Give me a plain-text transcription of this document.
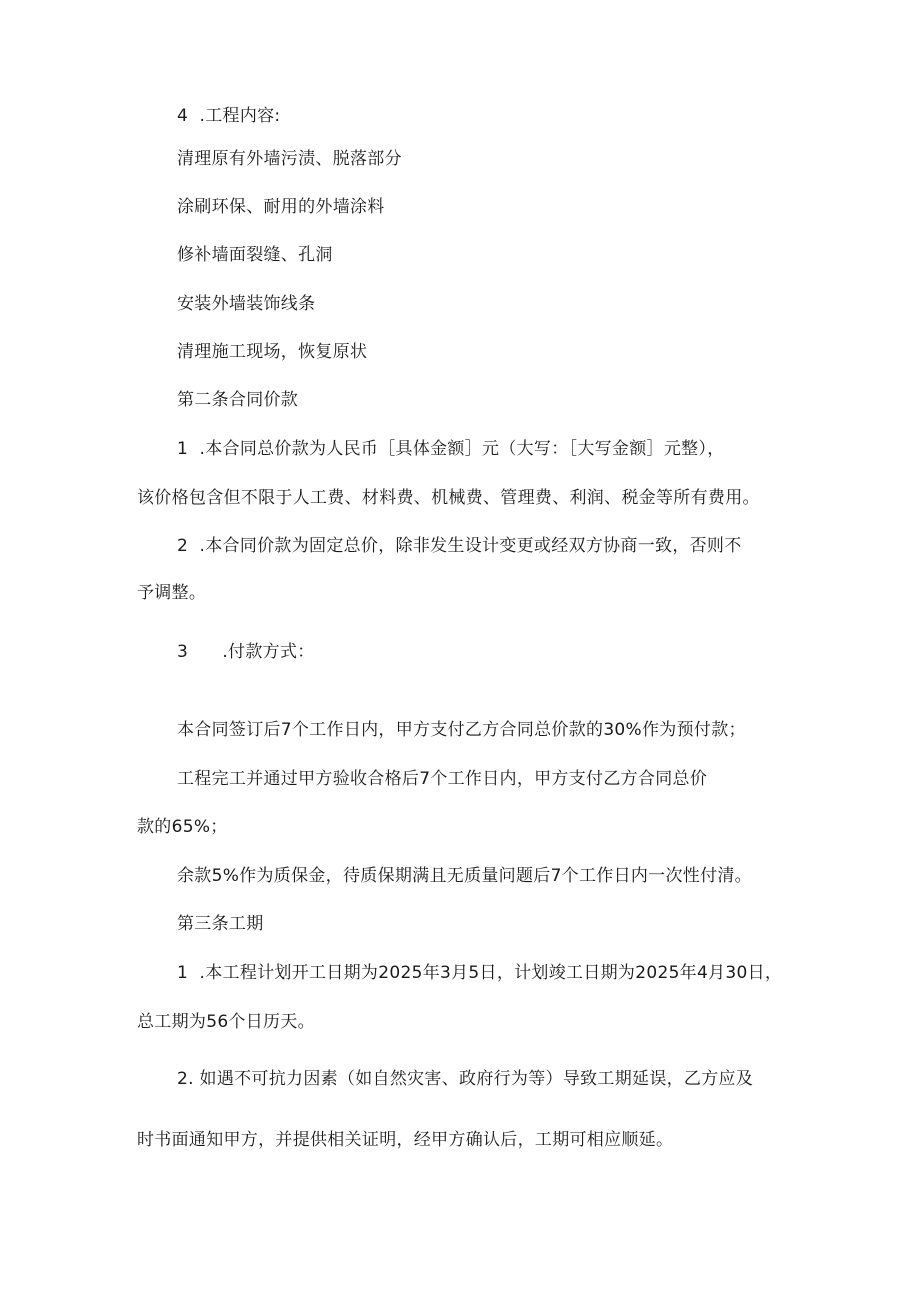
4  .工程内容:
清理原有外墙污渍、脱落部分
涂刷环保、耐用的外墙涂料
修补墙面裂缝、孔洞
安装外墙装饰线条
清理施工现场，恢复原状
第二条合同价款
1  .本合同总价款为人民币［具体金额］元（大写：［大写金额］元整），
该价格包含但不限于人工费、材料费、机械费、管理费、利润、税金等所有费用。
2  .本合同价款为固定总价，除非发生设计变更或经双方协商一致，否则不
予调整。
3      .付款方式：
本合同签订后7个工作日内，甲方支付乙方合同总价款的30%作为预付款；
工程完工并通过甲方验收合格后7个工作日内，甲方支付乙方合同总价
款的65%；
余款5%作为质保金，待质保期满且无质量问题后7个工作日内一次性付清。
第三条工期
1  .本工程计划开工日期为2025年3月5日，计划竣工日期为2025年4月30日，
总工期为56个日历天。
2. 如遇不可抗力因素（如自然灾害、政府行为等）导致工期延误，乙方应及
时书面通知甲方，并提供相关证明，经甲方确认后，工期可相应顺延。
